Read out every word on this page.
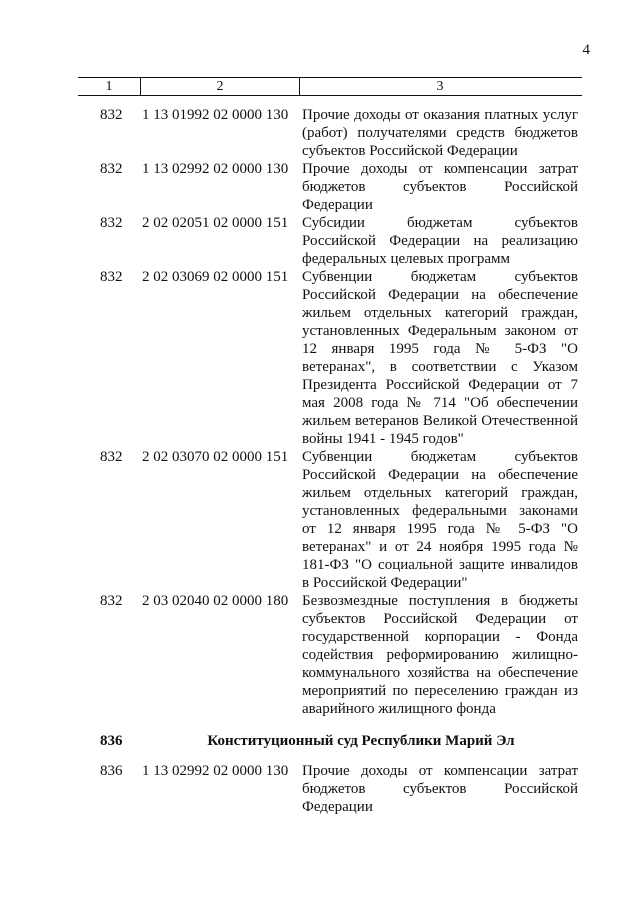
4
1	2	3
832	1 13 01992 02 0000 130 Прочие доходы от оказания платных услуг (работ) получателями средств бюджетов субъектов Российской Федерации
832	1 13 02992 02 0000 130 Прочие доходы от компенсации затрат бюджетов субъектов Российской Федерации
832	2 02 02051 02 0000 151 Субсидии бюджетам субъектов Российской Федерации на реализацию федеральных целевых программ
832	2 02 03069 02 0000 151 Субвенции бюджетам субъектов Российской Федерации на обеспечение жильем отдельных категорий граждан, установленных Федеральным законом от 12 января 1995 года № 5-ФЗ "О ветеранах", в соответствии с Указом Президента Российской Федерации от 7 мая 2008 года № 714 "Об обеспечении жильем ветеранов Великой Отечественной войны 1941 - 1945 годов"
832	2 02 03070 02 0000 151 Субвенции бюджетам субъектов Российской Федерации на обеспечение жильем отдельных категорий граждан, установленных федеральными законами от 12 января 1995 года № 5-ФЗ "О ветеранах" и от 24 ноября 1995 года № 181-ФЗ "О социальной защите инвалидов в Российской Федерации"
832	2 03 02040 02 0000 180 Безвозмездные поступления в бюджеты субъектов Российской Федерации от государственной корпорации - Фонда содействия реформированию жилищно-коммунального хозяйства на обеспечение мероприятий по переселению граждан из аварийного жилищного фонда
836	Конституционный суд Республики Марий Эл
836	1 13 02992 02 0000 130 Прочие доходы от компенсации затрат бюджетов субъектов Российской Федерации
